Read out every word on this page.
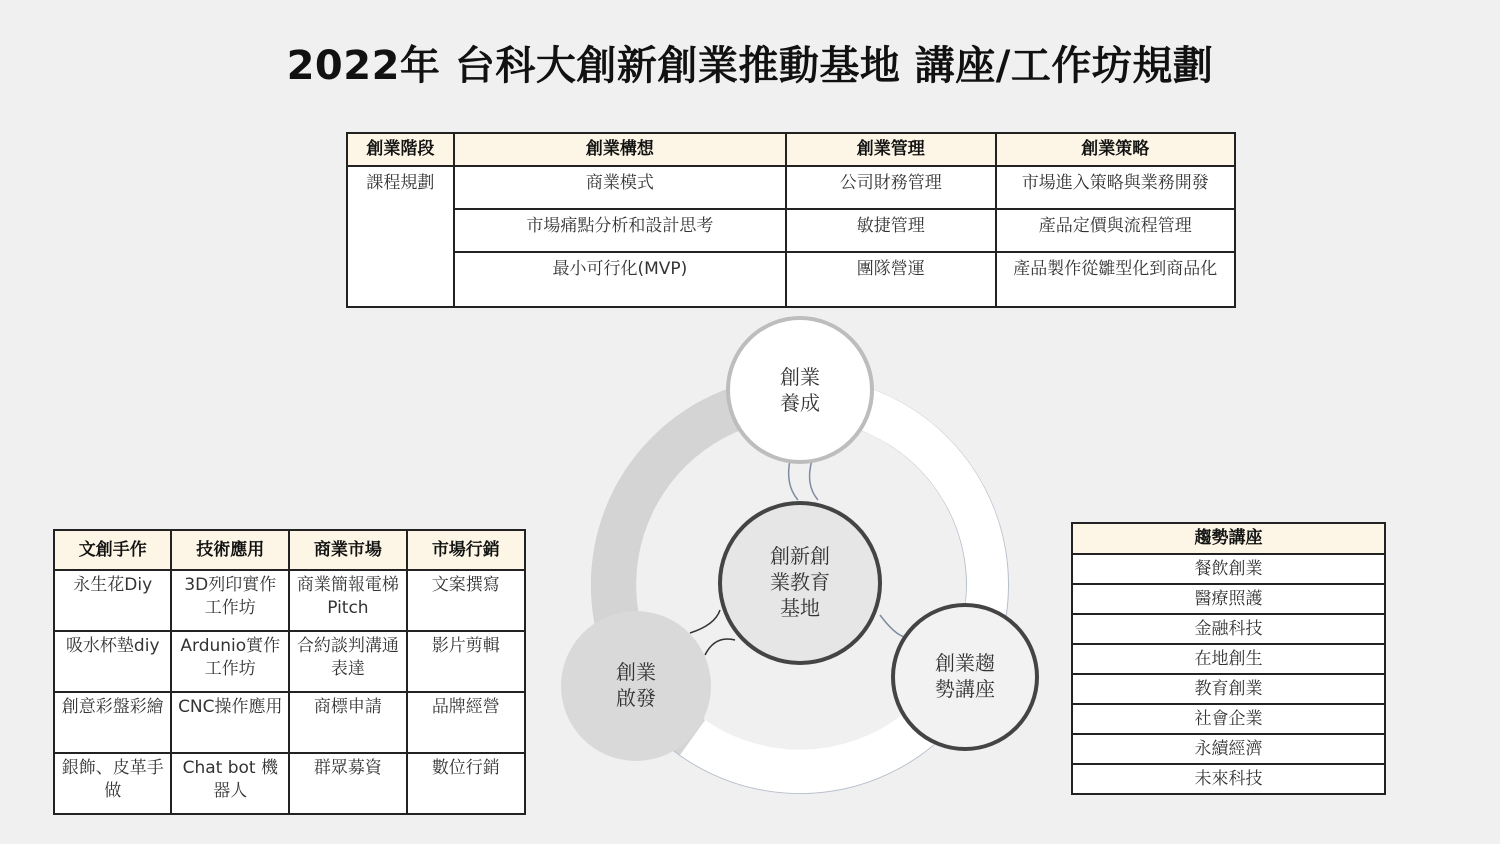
2022年 台科大創新創業推動基地 講座/工作坊規劃
創業階段	創業構想	創業管理	創業策略
課程規劃	商業模式	公司財務管理	市場進入策略與業務開發
	市場痛點分析和設計思考	敏捷管理	產品定價與流程管理
	最小可行化(MVP)	團隊營運	產品製作從雛型化到商品化
創業
養成
創新創
業教育
基地
創業
啟發
創業趨
勢講座
文創手作	技術應用	商業市場	市場行銷
永生花Diy	3D列印實作工作坊	商業簡報電梯Pitch	文案撰寫
吸水杯墊diy	Ardunio實作工作坊	合約談判溝通表達	影片剪輯
創意彩盤彩繪	CNC操作應用	商標申請	品牌經營
銀飾、皮革手做	Chat bot 機器人	群眾募資	數位行銷
趨勢講座
餐飲創業
醫療照護
金融科技
在地創生
教育創業
社會企業
永續經濟
未來科技
